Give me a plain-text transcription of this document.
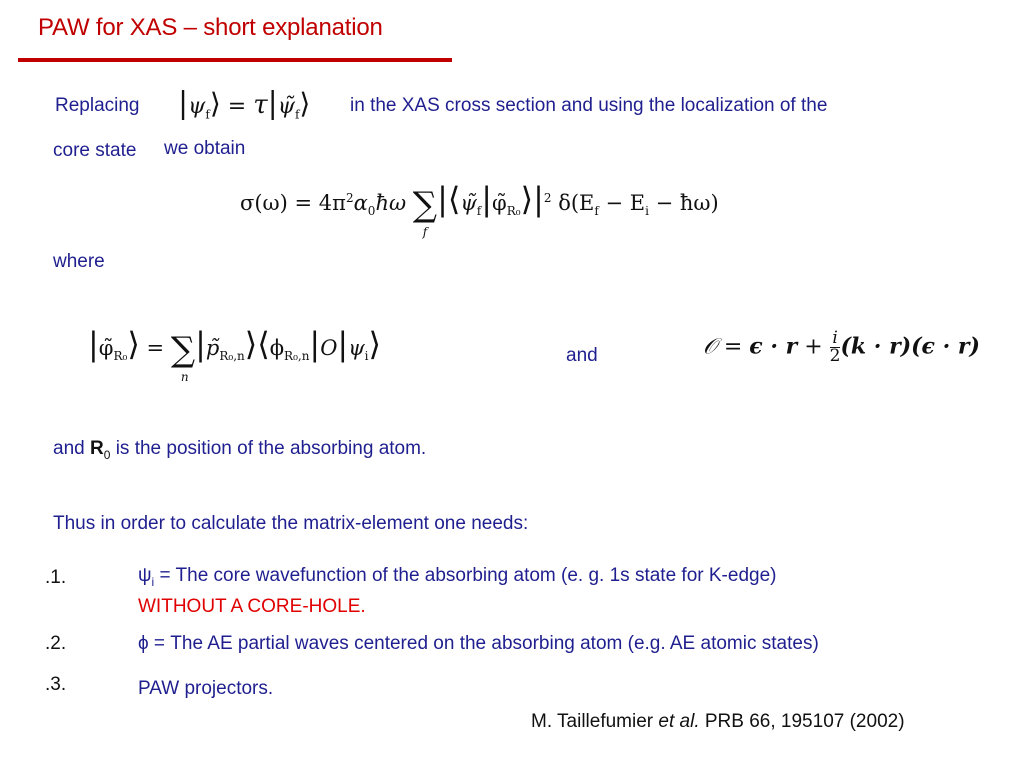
PAW for XAS – short explanation
Replacing $|\psi_f⟩$ = $\tau|\psĩ_f⟩$ in the XAS cross section and using the localization of the
core state we obtain
$\sigma(\omega) = 4\pi^2\alpha_0ħ\omega$ ∑
f
$|⟨\psĩ_f|\varphĩ_{R_0}⟩|^2$ $\delta(E_f - E_i$ − ħω)
where
$|\varphĩ_{R_0}⟩$ = ∑
n
$|p̃_{R_0,n}⟩⟨\phi_{R_0,n}|O|\psi_i⟩$	and	𝒪 = $\epsilon \cdot r + \frac{i}{2} (k \cdot r)(\epsilon \cdot r)$
and $R_0$ is the position of the absorbing atom.
Thus in order to calculate the matrix-element one needs:
.1.	$\psi_i$ = The core wavefunction of the absorbing atom (e. g. 1s state for K-edge)
WITHOUT A CORE-HOLE.
.2.	ϕ = The AE partial waves centered on the absorbing atom (e.g. AE atomic states)
.3.	PAW projectors.
M. Taillefumier et al. PRB 66, 195107 (2002)
